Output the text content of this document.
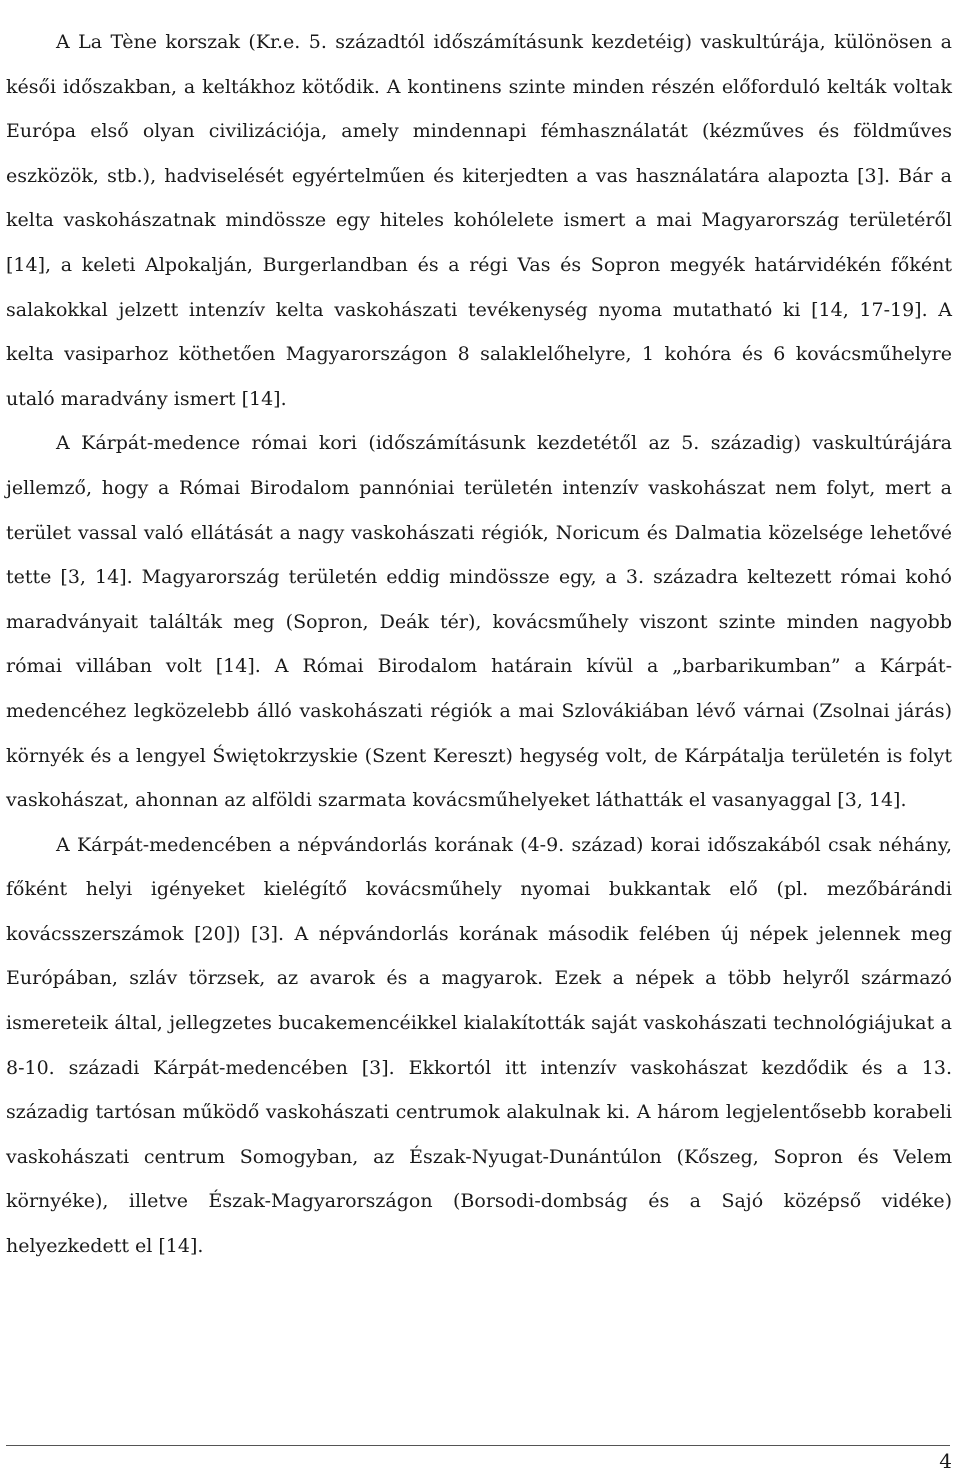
A La Tène korszak (Kr.e. 5. századtól időszámításunk kezdetéig) vaskultúrája, különösen a késői időszakban, a keltákhoz kötődik. A kontinens szinte minden részén előforduló kelták voltak Európa első olyan civilizációja, amely mindennapi fémhasználatát (kézműves és földműves eszközök, stb.), hadviselését egyértelműen és kiterjedten a vas használatára alapozta [3]. Bár a kelta vaskohászatnak mindössze egy hiteles kohólelete ismert a mai Magyarország területéről [14], a keleti Alpokalján, Burgerlandban és a régi Vas és Sopron megyék határvidékén főként salakokkal jelzett intenzív kelta vaskohászati tevékenység nyoma mutatható ki [14, 17-19]. A kelta vasiparhoz köthetően Magyarországon 8 salaklelőhelyre, 1 kohóra és 6 kovácsműhelyre utaló maradvány ismert [14].

A Kárpát-medence római kori (időszámításunk kezdetétől az 5. századig) vaskultúrájára jellemző, hogy a Római Birodalom pannóniai területén intenzív vaskohászat nem folyt, mert a terület vassal való ellátását a nagy vaskohászati régiók, Noricum és Dalmatia közelsége lehetővé tette [3, 14]. Magyarország területén eddig mindössze egy, a 3. századra keltezett római kohó maradványait találták meg (Sopron, Deák tér), kovácsműhely viszont szinte minden nagyobb római villában volt [14]. A Római Birodalom határain kívül a „barbarikumban” a Kárpát-medencéhez legközelebb álló vaskohászati régiók a mai Szlovákiában lévő várnai (Zsolnai járás) környék és a lengyel Świętokrzyskie (Szent Kereszt) hegység volt, de Kárpátalja területén is folyt vaskohászat, ahonnan az alföldi szarmata kovácsműhelyeket láthatták el vasanyaggal [3, 14].

A Kárpát-medencében a népvándorlás korának (4-9. század) korai időszakából csak néhány, főként helyi igényeket kielégítő kovácsműhely nyomai bukkantak elő (pl. mezőbárándi kovácsszerszámok [20]) [3]. A népvándorlás korának második felében új népek jelennek meg Európában, szláv törzsek, az avarok és a magyarok. Ezek a népek a több helyről származó ismereteik által, jellegzetes bucakemencéikkel kialakították saját vaskohászati technológiájukat a 8-10. századi Kárpát-medencében [3]. Ekkortól itt intenzív vaskohászat kezdődik és a 13. századig tartósan működő vaskohászati centrumok alakulnak ki. A három legjelentősebb korabeli vaskohászati centrum Somogyban, az Észak-Nyugat-Dunántúlon (Kőszeg, Sopron és Velem környéke), illetve Észak-Magyarországon (Borsodi-dombság és a Sajó középső vidéke) helyezkedett el [14].

4
